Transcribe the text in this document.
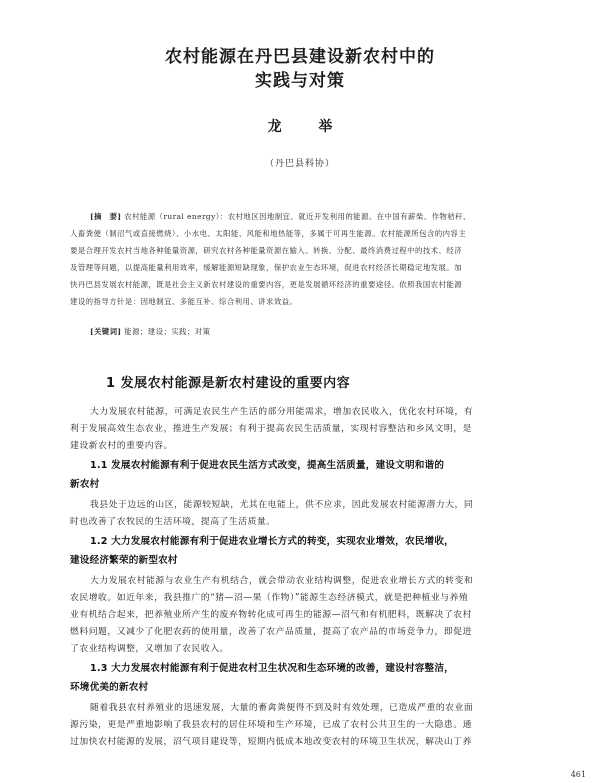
农村能源在丹巴县建设新农村中的
实践与对策
龙 举
（丹巴县科协）
[摘　要] 农村能源（rural energy）：农村地区因地制宜、就近开发利用的能源。在中国有薪柴、作物秸秆、
人畜粪便（制沼气或直接燃烧）、小水电、太阳能、风能和地热能等，多属于可再生能源。农村能源所包含的内容主
要是合理开发农村当地各种能量资源，研究农村各种能量资源在输入、转换、分配、最终消费过程中的技术、经济
及管理等问题，以提高能量利用效率，缓解能源短缺现象，保护农业生态环境，促进农村经济长期稳定地发展。加
[关键词] 能源；建设；实践；对策
1 发展农村能源是新农村建设的重要内容
大力发展农村能源，可满足农民生产生活的部分用能需求，增加农民收入，优化农村环境，有
利于发展高效生态农业，推进生产发展；有利于提高农民生活质量，实现村容整洁和乡风文明，是
建设新农村的重要内容。
1.1 发展农村能源有利于促进农民生活方式改变，提高生活质量，建设文明和谐的
新农村
我县处于边远的山区，能源较短缺，尤其在电能上，供不应求，因此发展农村能源潜力大，同
时也改善了农牧民的生活环境，提高了生活质量。
1.2 大力发展农村能源有利于促进农业增长方式的转变，实现农业增效，农民增收，
建设经济繁荣的新型农村
大力发展农村能源与农业生产有机结合，就会带动农业结构调整，促进农业增长方式的转变和
农民增收。如近年来，我县推广的“猪—沼—果（作物）”能源生态经济模式，就是把种植业与养殖
业有机结合起来，把养殖业所产生的废弃物转化成可再生的能源—沼气和有机肥料，既解决了农村
燃料问题，又减少了化肥农药的使用量，改善了农产品质量，提高了农产品的市场竞争力，即促进
了农业结构调整，又增加了农民收入。
1.3 大力发展农村能源有利于促进农村卫生状况和生态环境的改善，建设村容整洁，
环境优美的新农村
随着我县农村养殖业的迅速发展，大量的畜禽粪便得不到及时有效处理，已造成严重的农业面
源污染，更是严重地影响了我县农村的居住环境和生产环境，已成了农村公共卫生的一大隐患。通
过加快农村能源的发展，沼气项目建设等，短期内低成本地改变农村的环境卫生状况，解决山丁养
461
快丹巴县发展农村能源，既是社会主义新农村建设的重要内容，更是发展循环经济的重要途径。依照我国农村能源
建设的指导方针是：因地制宜、多能互补、综合利用、讲求效益。
